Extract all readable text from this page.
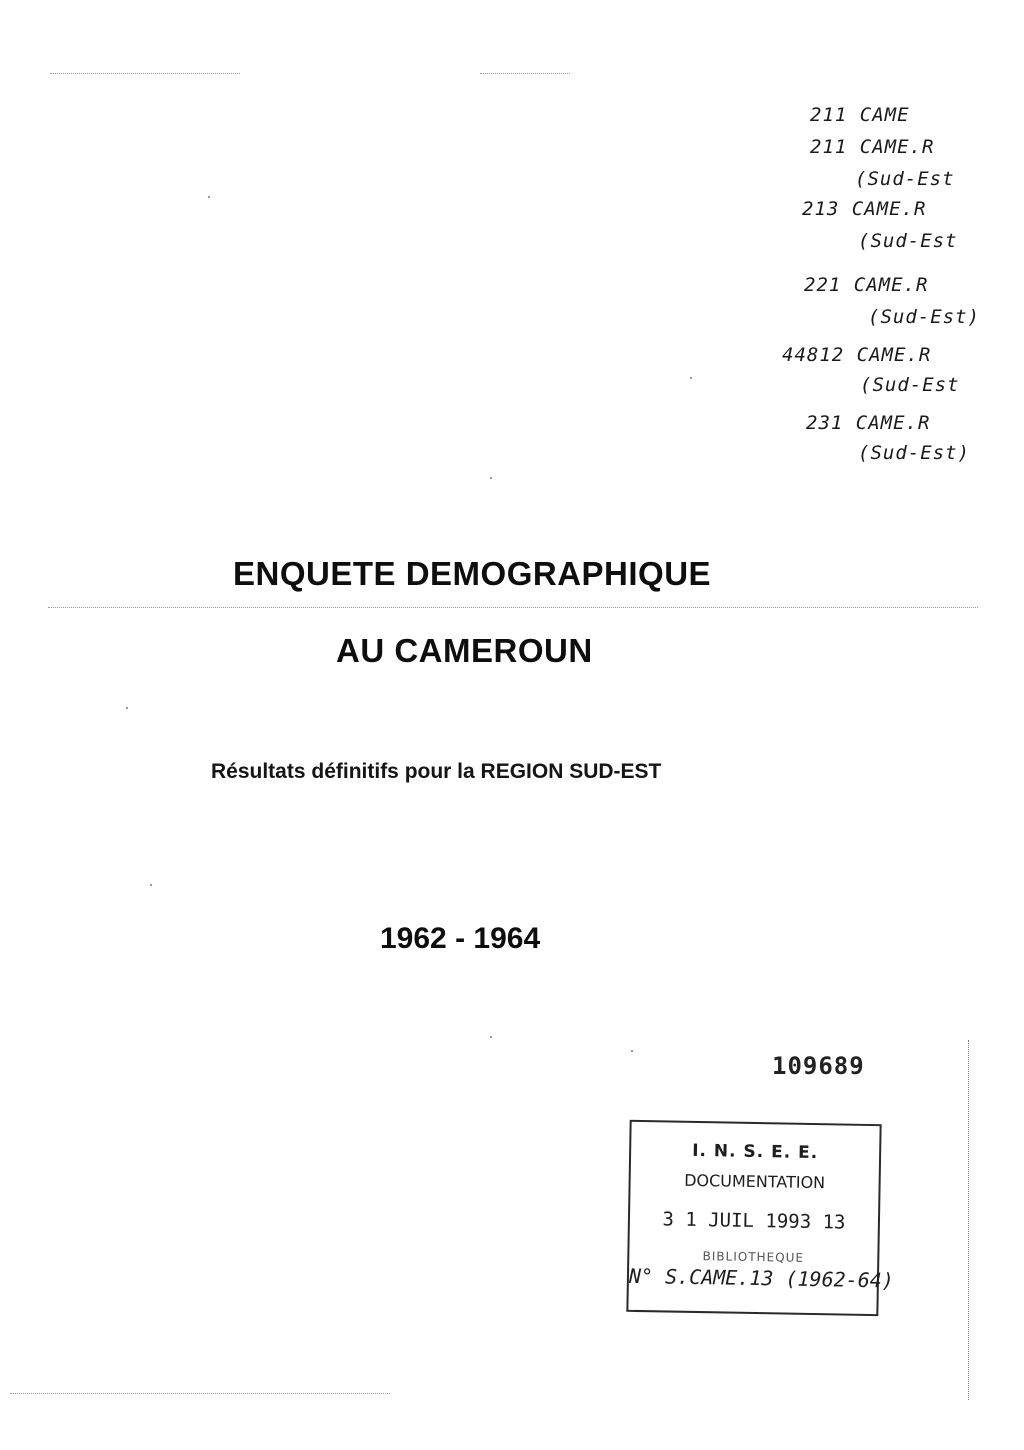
211 CAME
211 CAME.R
(Sud-Est
213 CAME.R
(Sud-Est
221 CAME.R
(Sud-Est)
44812 CAME.R
(Sud-Est
231 CAME.R
(Sud-Est)
ENQUETE DEMOGRAPHIQUE
AU CAMEROUN
Résultats définitifs pour la REGION SUD-EST
1962 - 1964
109689
I. N. S. E. E.
DOCUMENTATION
3 1 JUIL 1993 13
BIBLIOTHEQUE
N° S.CAME.13 (1962-64)
